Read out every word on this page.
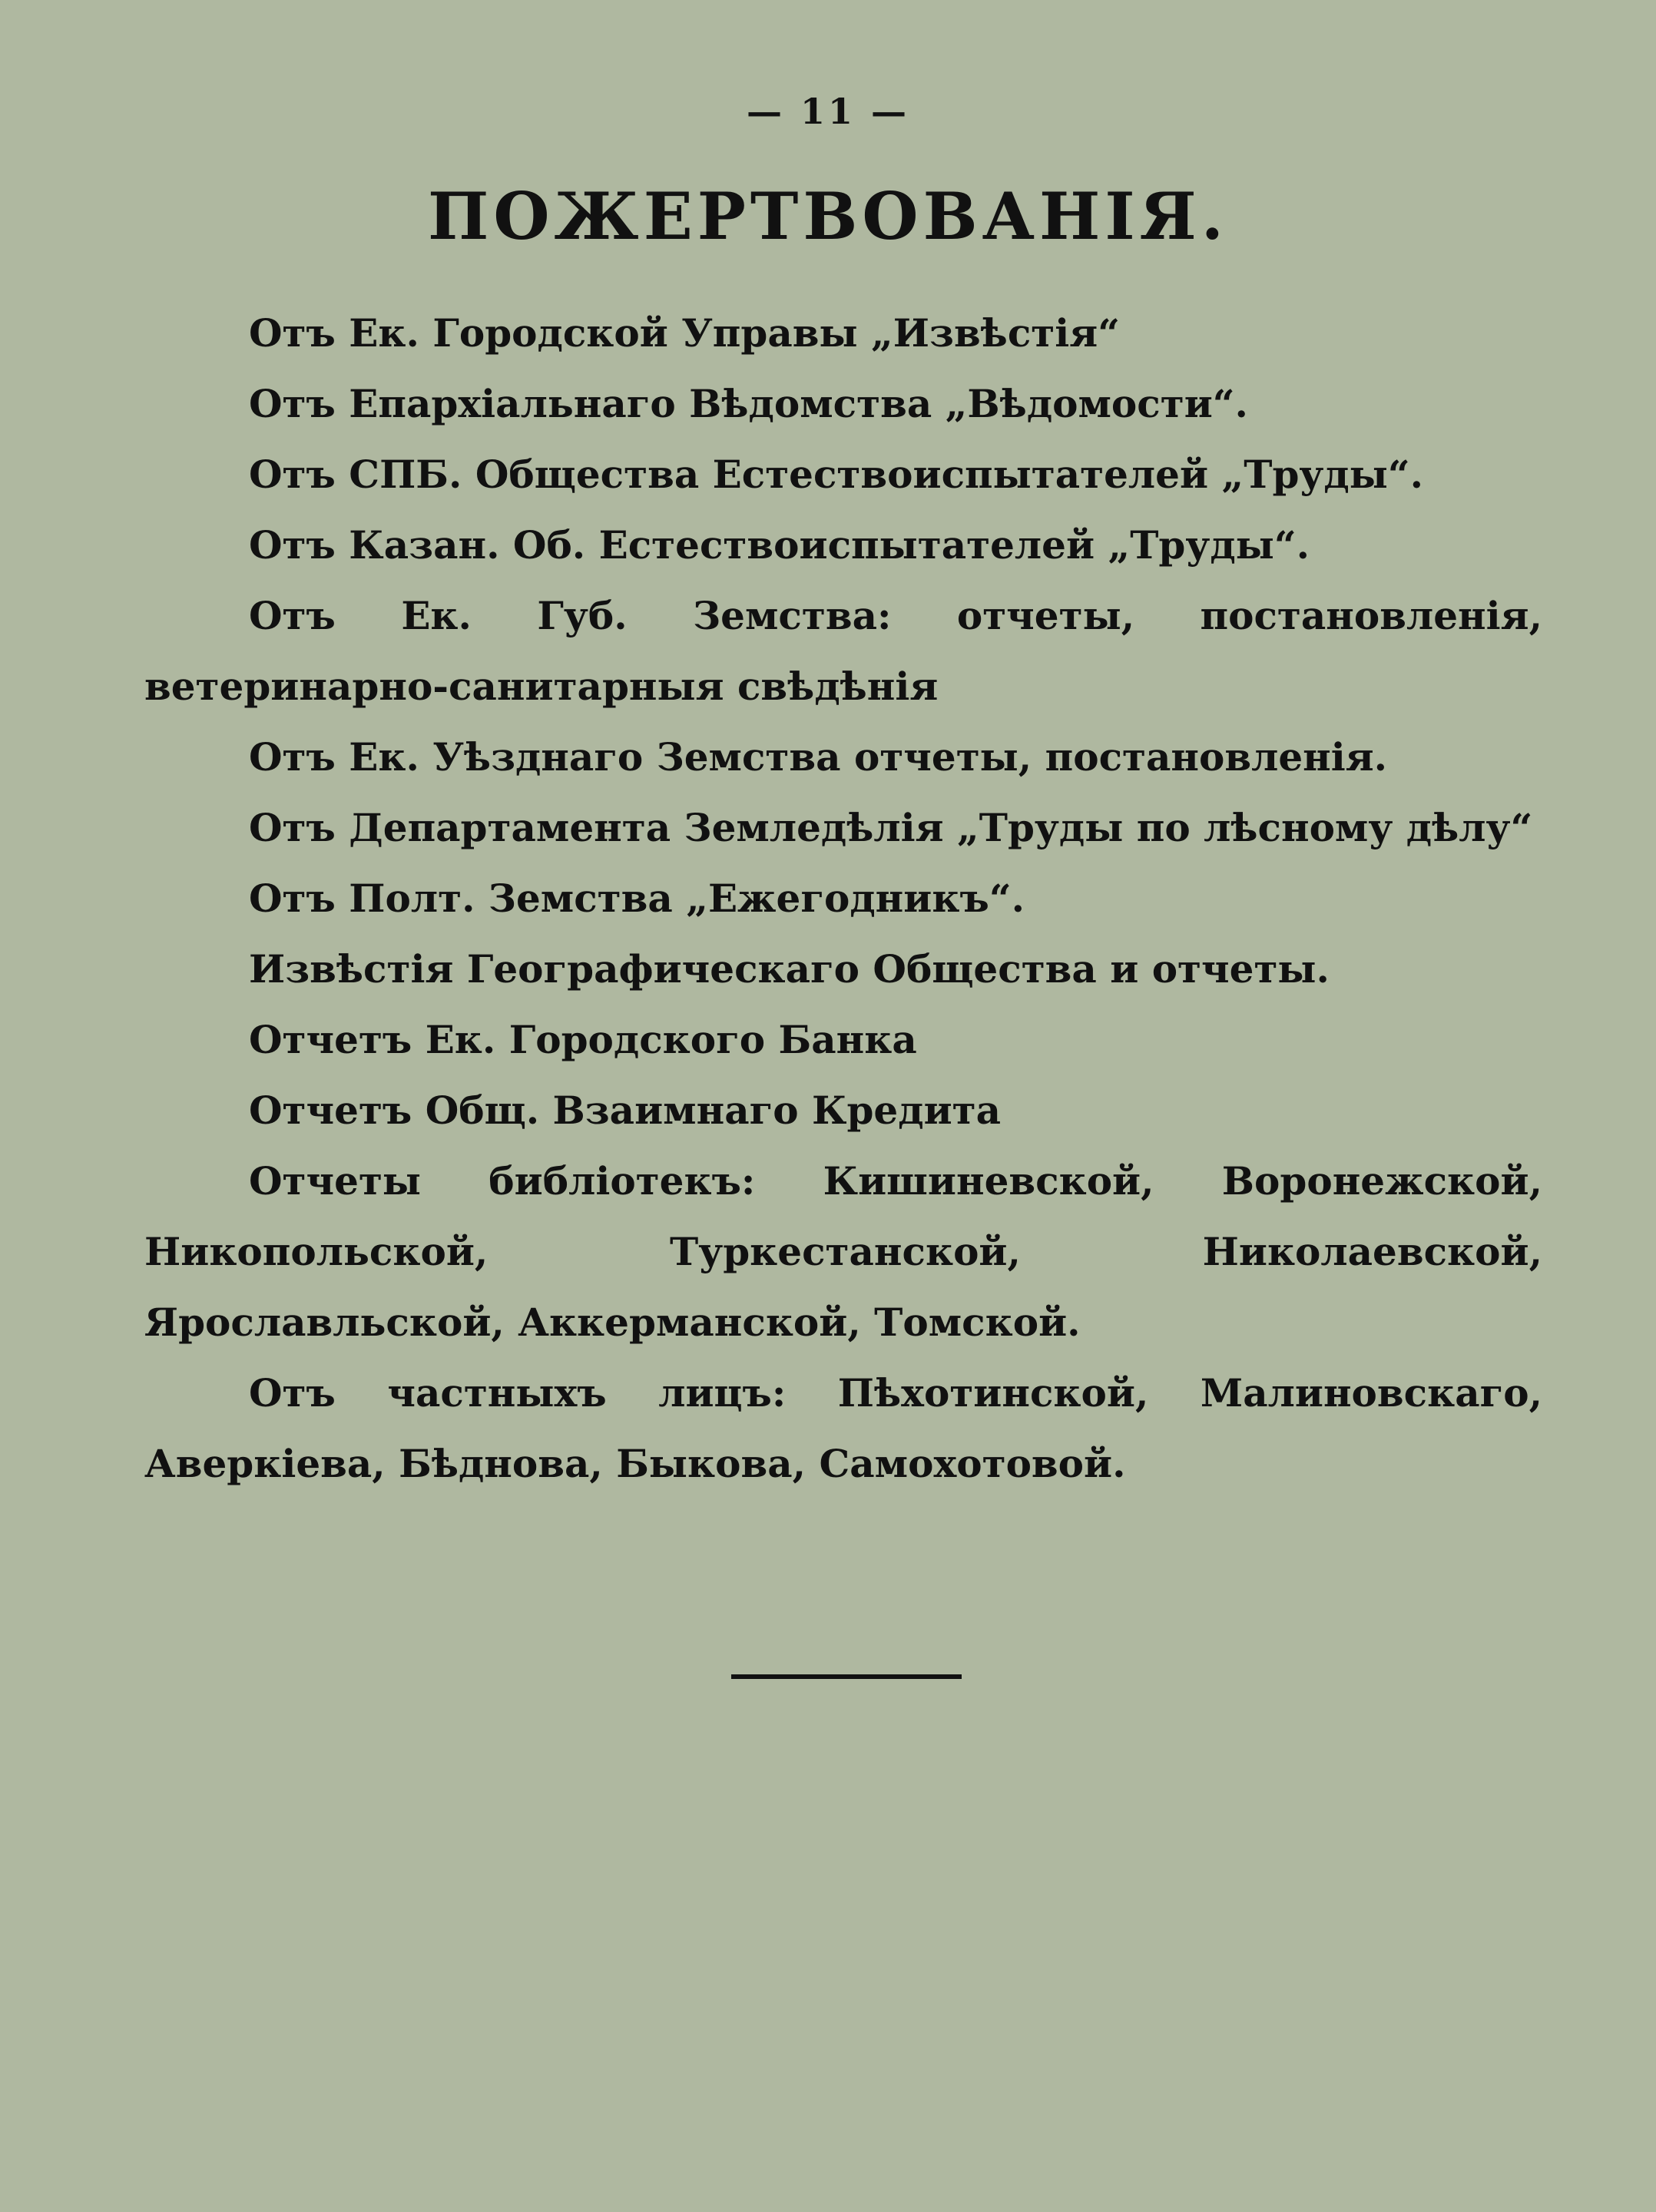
— 11 —
ПОЖЕРТВОВАНІЯ.

Отъ Ек. Городской Управы „Извѣстія“

Отъ Епархіальнаго Вѣдомства „Вѣдомости“.

Отъ СПБ. Общества Естествоиспытателей „Труды“.

Отъ Казан. Об. Естествоиспытателей „Труды“.

Отъ Ек. Губ. Земства: отчеты, постановленія, ветеринарно-санитарныя свѣдѣнія

Отъ Ек. Уѣзднаго Земства отчеты, постановленія.

Отъ Департамента Земледѣлія „Труды по лѣсному дѣлу“

Отъ Полт. Земства „Ежегодникъ“.

Извѣстія Географическаго Общества и отчеты.

Отчетъ Ек. Городского Банка

Отчетъ Общ. Взаимнаго Кредита

Отчеты библіотекъ: Кишиневской, Воронежской, Никопольской, Туркестанской, Николаевской, Ярославльской, Аккерманской, Томской.

Отъ частныхъ лицъ: Пѣхотинской, Малиновскаго, Аверкіева, Бѣднова, Быкова, Самохотовой.
